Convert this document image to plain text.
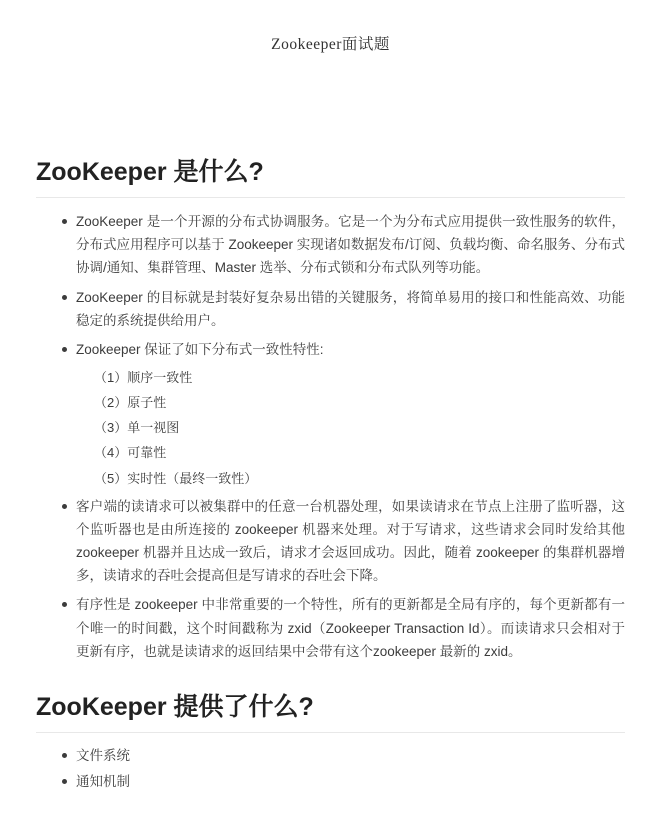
Zookeeper面试题
ZooKeeper 是什么?
ZooKeeper 是一个开源的分布式协调服务。它是一个为分布式应用提供一致性服务的软件，分布式应用程序可以基于 Zookeeper 实现诸如数据发布/订阅、负载均衡、命名服务、分布式协调/通知、集群管理、Master 选举、分布式锁和分布式队列等功能。
ZooKeeper 的目标就是封装好复杂易出错的关键服务，将简单易用的接口和性能高效、功能稳定的系统提供给用户。
Zookeeper 保证了如下分布式一致性特性:
（1）顺序一致性
（2）原子性
（3）单一视图
（4）可靠性
（5）实时性（最终一致性）
客户端的读请求可以被集群中的任意一台机器处理，如果读请求在节点上注册了监听器，这个监听器也是由所连接的 zookeeper 机器来处理。对于写请求，这些请求会同时发给其他 zookeeper 机器并且达成一致后，请求才会返回成功。因此，随着 zookeeper 的集群机器增多，读请求的吞吐会提高但是写请求的吞吐会下降。
有序性是 zookeeper 中非常重要的一个特性，所有的更新都是全局有序的，每个更新都有一个唯一的时间戳，这个时间戳称为 zxid（Zookeeper Transaction Id）。而读请求只会相对于更新有序，也就是读请求的返回结果中会带有这个zookeeper 最新的 zxid。
ZooKeeper 提供了什么?
文件系统
通知机制
